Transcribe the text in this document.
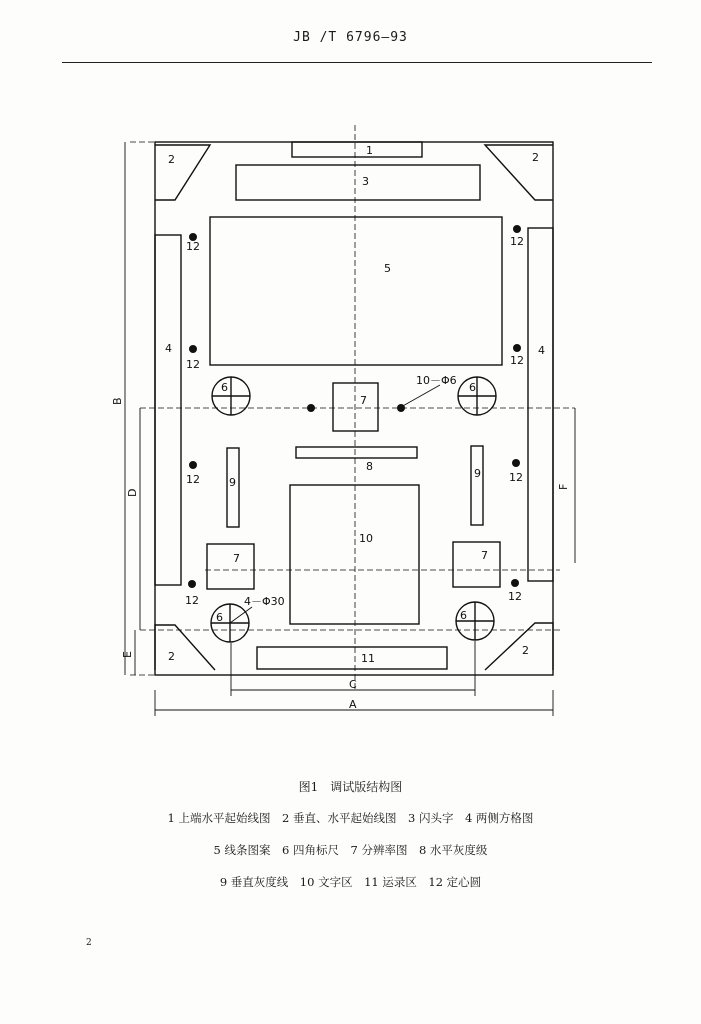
JB /T 6796—93
1
2	2
2	2
3
4	4
5
6	6
6	6
7
7	7
8
9
9
10
11
12	12
12	12
12	12
12	12
10－Φ6
4－Φ30
A
C
B
D
E
F
图1　调试版结构图
1 上端水平起始线图　2 垂直、水平起始线图　3 闪头字　4 两侧方格图
5 线条图案　6 四角标尺　7 分辨率图　8 水平灰度级
9 垂直灰度线　10 文字区　11 运录区　12 定心圆
2
